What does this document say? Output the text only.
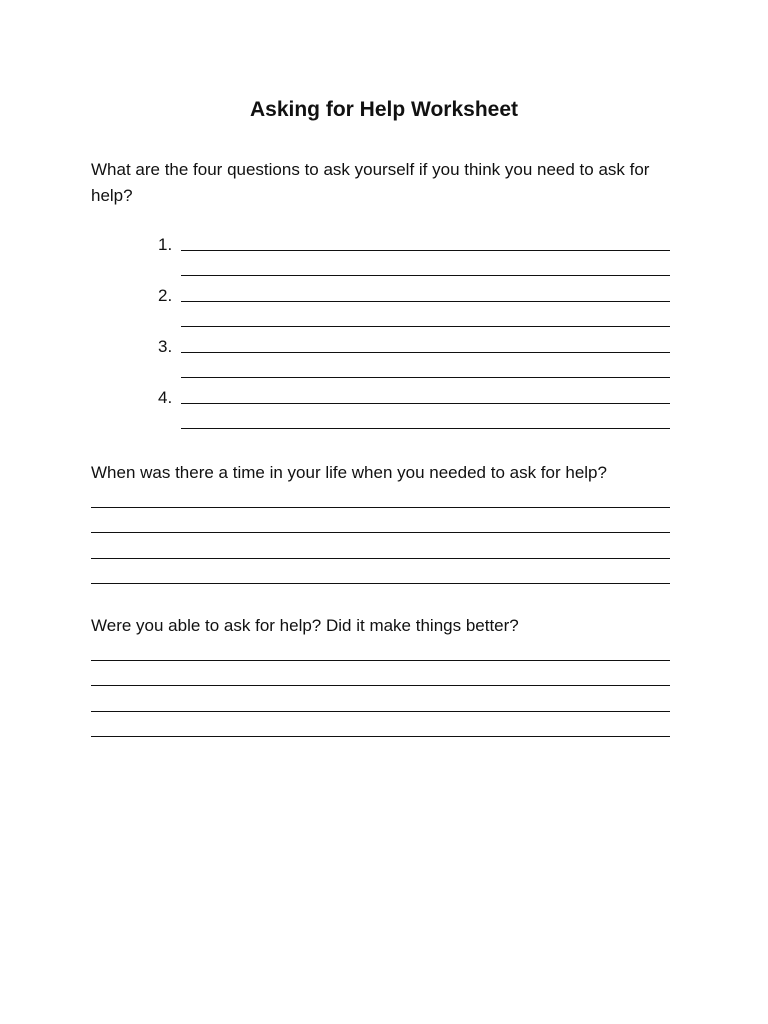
Asking for Help Worksheet
What are the four questions to ask yourself if you think you need to ask for help?
1.
2.
3.
4.
When was there a time in your life when you needed to ask for help?
Were you able to ask for help? Did it make things better?
